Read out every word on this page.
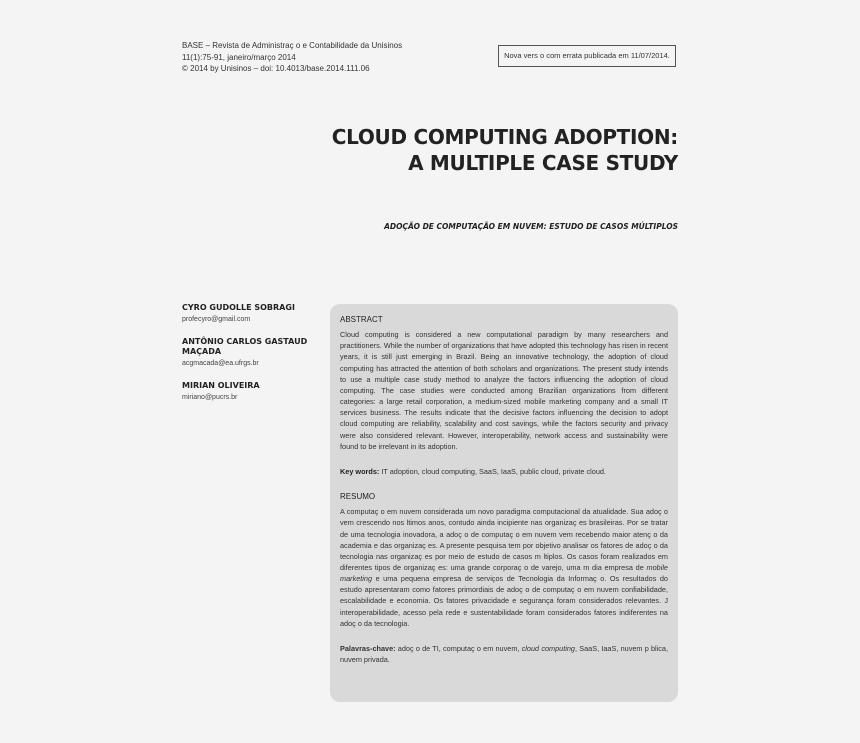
BASE – Revista de Administraç o e Contabilidade da Unisinos
11(1):75-91, janeiro/março 2014
© 2014 by Unisinos – doi: 10.4013/base.2014.111.06
Nova vers o com errata publicada em 11/07/2014.
CLOUD COMPUTING ADOPTION:
A MULTIPLE CASE STUDY
ADOÇÃO DE COMPUTAÇÃO EM NUVEM: ESTUDO DE CASOS MÚLTIPLOS
CYRO GUDOLLE SOBRAGI
profecyro@gmail.com
ANTÔNIO CARLOS GASTAUD MAÇADA
acgmacada@ea.ufrgs.br
MIRIAN OLIVEIRA
miriano@pucrs.br
ABSTRACT

Cloud computing is considered a new computational paradigm by many researchers and practitioners. While the number of organizations that have adopted this technology has risen in recent years, it is still just emerging in Brazil. Being an innovative technology, the adoption of cloud computing has attracted the attention of both scholars and organizations. The present study intends to use a multiple case study method to analyze the factors influencing the adoption of cloud computing. The case studies were conducted among Brazilian organizations from different categories: a large retail corporation, a medium-sized mobile marketing company and a small IT services business. The results indicate that the decisive factors influencing the decision to adopt cloud computing are reliability, scalability and cost savings, while the factors security and privacy were also considered relevant. However, interoperability, network access and sustainability were found to be irrelevant in its adoption.

Key words: IT adoption, cloud computing, SaaS, IaaS, public cloud, private cloud.
RESUMO

A computaç o em nuvem considerada um novo paradigma computacional da atualidade. Sua adoç o vem crescendo nos ltimos anos, contudo ainda incipiente nas organizaç es brasileiras. Por se tratar de uma tecnologia inovadora, a adoç o de computaç o em nuvem vem recebendo maior atenç o da academia e das organizaç es. A presente pesquisa tem por objetivo analisar os fatores de adoç o da tecnologia nas organizaç es por meio de estudo de casos m ltiplos. Os casos foram realizados em diferentes tipos de organizaç es: uma grande corporaç o de varejo, uma m dia empresa de mobile marketing e uma pequena empresa de serviços de Tecnologia da Informaç o. Os resultados do estudo apresentaram como fatores primordiais de adoç o de computaç o em nuvem confiabilidade, escalabilidade e economia. Os fatores privacidade e segurança foram considerados relevantes. J interoperabilidade, acesso pela rede e sustentabilidade foram considerados fatores indiferentes na adoç o da tecnologia.

Palavras-chave: adoç o de TI, computaç o em nuvem, cloud computing, SaaS, IaaS, nuvem p blica, nuvem privada.
